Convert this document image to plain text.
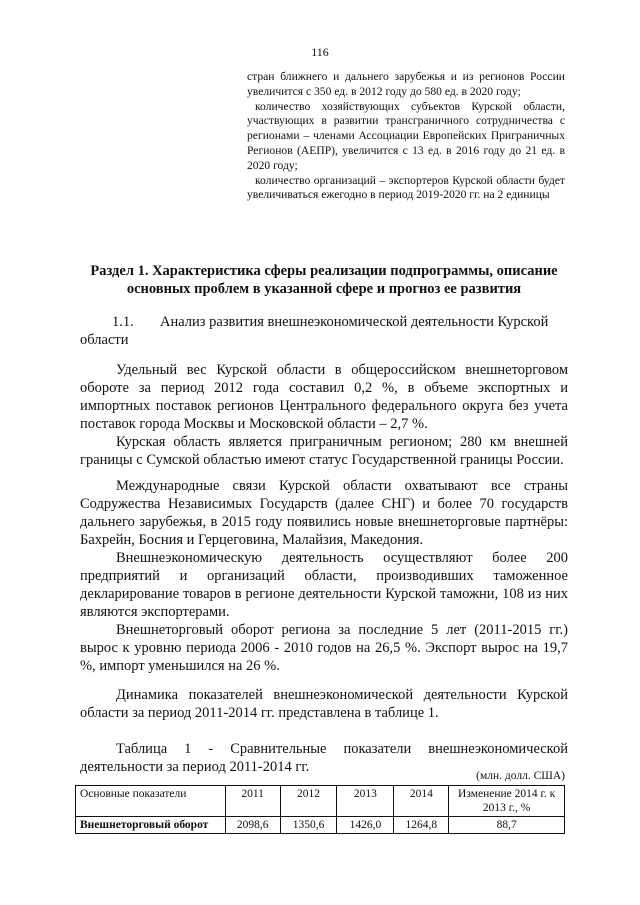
116

стран ближнего и дальнего зарубежья и из регионов России увеличится с 350 ед. в 2012 году до 580 ед. в 2020 году;

количество хозяйствующих субъектов Курской области, участвующих в развитии трансграничного сотрудничества с регионами – членами Ассоциации Европейских Приграничных Регионов (АЕПР), увеличится с 13 ед. в 2016 году до 21 ед. в 2020 году;

количество организаций – экспортеров Курской области будет увеличиваться ежегодно в период 2019-2020 гг. на 2 единицы

Раздел 1. Характеристика сферы реализации подпрограммы, описание основных проблем в указанной сфере и прогноз ее развития
1.1. Анализ развития внешнеэкономической деятельности Курской области

Удельный вес Курской области в общероссийском внешнеторговом обороте за период 2012 года составил 0,2 %, в объеме экспортных и импортных поставок регионов Центрального федерального округа без учета поставок города Москвы и Московской области – 2,7 %.

Курская область является приграничным регионом; 280 км внешней границы с Сумской областью имеют статус Государственной границы России.

Международные связи Курской области охватывают все страны Содружества Независимых Государств (далее СНГ) и более 70 государств дальнего зарубежья, в 2015 году появились новые внешнеторговые партнёры: Бахрейн, Босния и Герцеговина, Малайзия, Македония.

Внешнеэкономическую деятельность осуществляют более 200 предприятий и организаций области, производивших таможенное декларирование товаров в регионе деятельности Курской таможни, 108 из них являются экспортерами.

Внешнеторговый оборот региона за последние 5 лет (2011-2015 гг.) вырос к уровню периода 2006 - 2010 годов на 26,5 %. Экспорт вырос на 19,7 %, импорт уменьшился на 26 %.

Динамика показателей внешнеэкономической деятельности Курской области за период 2011-2014 гг. представлена в таблице 1.

Таблица 1 - Сравнительные показатели внешнеэкономической деятельности за период 2011-2014 гг.
(млн. долл. США)
Основные показатели	2011	2012	2013	2014	Изменение 2014 г. к 2013 г., %
Внешнеторговый оборот	2098,6	1350,6	1426,0	1264,8	88,7
